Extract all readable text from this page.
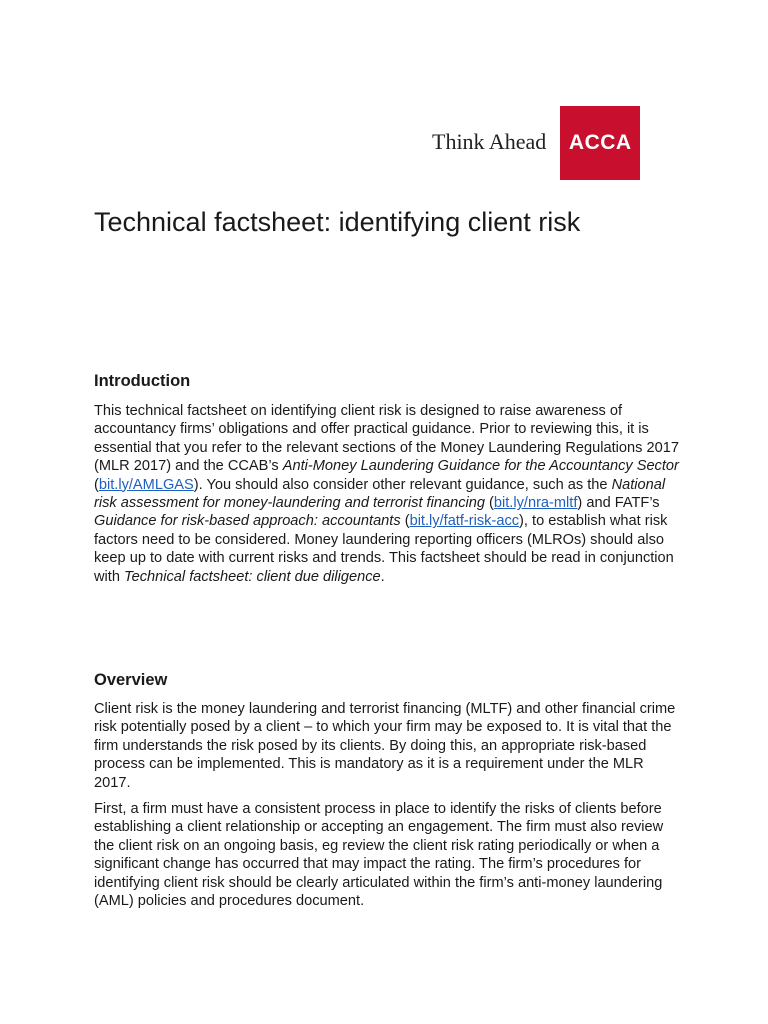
Think Ahead	ACCA
Technical factsheet: identifying client risk
Introduction

This technical factsheet on identifying client risk is designed to raise awareness of accountancy firms’ obligations and offer practical guidance. Prior to reviewing this, it is essential that you refer to the relevant sections of the Money Laundering Regulations 2017 (MLR 2017) and the CCAB’s Anti-Money Laundering Guidance for the Accountancy Sector (bit.ly/AMLGAS). You should also consider other relevant guidance, such as the National risk assessment for money-laundering and terrorist financing (bit.ly/nra-mltf) and FATF’s Guidance for risk-based approach: accountants (bit.ly/fatf-risk-acc), to establish what risk factors need to be considered. Money laundering reporting officers (MLROs) should also keep up to date with current risks and trends. This factsheet should be read in conjunction with Technical factsheet: client due diligence.

Overview

Client risk is the money laundering and terrorist financing (MLTF) and other financial crime risk potentially posed by a client – to which your firm may be exposed to. It is vital that the firm understands the risk posed by its clients. By doing this, an appropriate risk-based process can be implemented. This is mandatory as it is a requirement under the MLR 2017.

First, a firm must have a consistent process in place to identify the risks of clients before establishing a client relationship or accepting an engagement. The firm must also review the client risk on an ongoing basis, eg review the client risk rating periodically or when a significant change has occurred that may impact the rating. The firm’s procedures for identifying client risk should be clearly articulated within the firm’s anti-money laundering (AML) policies and procedures document.
